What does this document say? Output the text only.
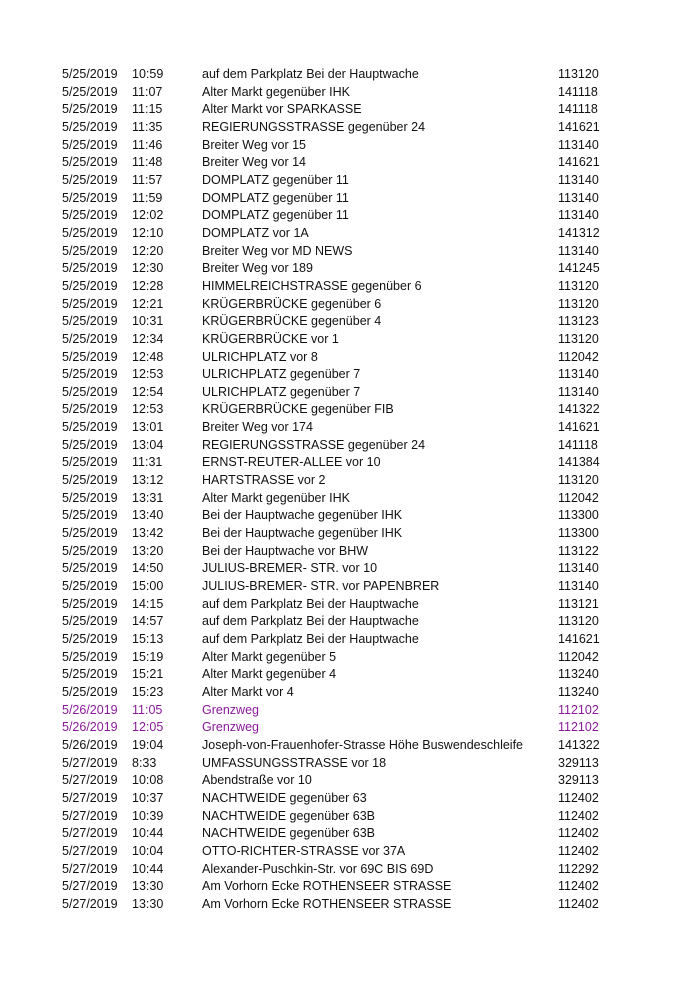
5/25/2019 10:59	auf dem Parkplatz Bei der Hauptwache	113120
5/25/2019 11:07	Alter Markt gegenüber IHK	141118
5/25/2019 11:15	Alter Markt vor SPARKASSE	141118
5/25/2019 11:35	REGIERUNGSSTRASSE gegenüber 24	141621
5/25/2019 11:46	Breiter Weg vor 15	113140
5/25/2019 11:48	Breiter Weg vor 14	141621
5/25/2019 11:57	DOMPLATZ gegenüber 11	113140
5/25/2019 11:59	DOMPLATZ gegenüber 11	113140
5/25/2019 12:02	DOMPLATZ gegenüber 11	113140
5/25/2019 12:10	DOMPLATZ vor 1A	141312
5/25/2019 12:20	Breiter Weg vor MD NEWS	113140
5/25/2019 12:30	Breiter Weg vor 189	141245
5/25/2019 12:28	HIMMELREICHSTRASSE gegenüber 6	113120
5/25/2019 12:21	KRÜGERBRÜCKE gegenüber 6	113120
5/25/2019 10:31	KRÜGERBRÜCKE gegenüber 4	113123
5/25/2019 12:34	KRÜGERBRÜCKE vor 1	113120
5/25/2019 12:48	ULRICHPLATZ vor 8	112042
5/25/2019 12:53	ULRICHPLATZ gegenüber 7	113140
5/25/2019 12:54	ULRICHPLATZ gegenüber 7	113140
5/25/2019 12:53	KRÜGERBRÜCKE gegenüber FIB	141322
5/25/2019 13:01	Breiter Weg vor 174	141621
5/25/2019 13:04	REGIERUNGSSTRASSE gegenüber 24	141118
5/25/2019 11:31	ERNST-REUTER-ALLEE vor 10	141384
5/25/2019 13:12	HARTSTRASSE vor 2	113120
5/25/2019 13:31	Alter Markt gegenüber IHK	112042
5/25/2019 13:40	Bei der Hauptwache gegenüber IHK	113300
5/25/2019 13:42	Bei der Hauptwache gegenüber IHK	113300
5/25/2019 13:20	Bei der Hauptwache vor BHW	113122
5/25/2019 14:50	JULIUS-BREMER- STR. vor 10	113140
5/25/2019 15:00	JULIUS-BREMER- STR. vor PAPENBRER	113140
5/25/2019 14:15	auf dem Parkplatz Bei der Hauptwache	113121
5/25/2019 14:57	auf dem Parkplatz Bei der Hauptwache	113120
5/25/2019 15:13	auf dem Parkplatz Bei der Hauptwache	141621
5/25/2019 15:19	Alter Markt gegenüber 5	112042
5/25/2019 15:21	Alter Markt gegenüber 4	113240
5/25/2019 15:23	Alter Markt vor 4	113240
5/26/2019 11:05	Grenzweg	112102
5/26/2019 12:05	Grenzweg	112102
5/26/2019 19:04	Joseph-von-Frauenhofer-Strasse Höhe Buswendeschleife	141322
5/27/2019 8:33	UMFASSUNGSSTRASSE vor 18	329113
5/27/2019 10:08	Abendstraße vor 10	329113
5/27/2019 10:37	NACHTWEIDE gegenüber 63	112402
5/27/2019 10:39	NACHTWEIDE gegenüber 63B	112402
5/27/2019 10:44	NACHTWEIDE gegenüber 63B	112402
5/27/2019 10:04	OTTO-RICHTER-STRASSE vor 37A	112402
5/27/2019 10:44	Alexander-Puschkin-Str. vor 69C BIS 69D	112292
5/27/2019 13:30	Am Vorhorn Ecke ROTHENSEER STRASSE	112402
5/27/2019 13:30	Am Vorhorn Ecke ROTHENSEER STRASSE	112402
